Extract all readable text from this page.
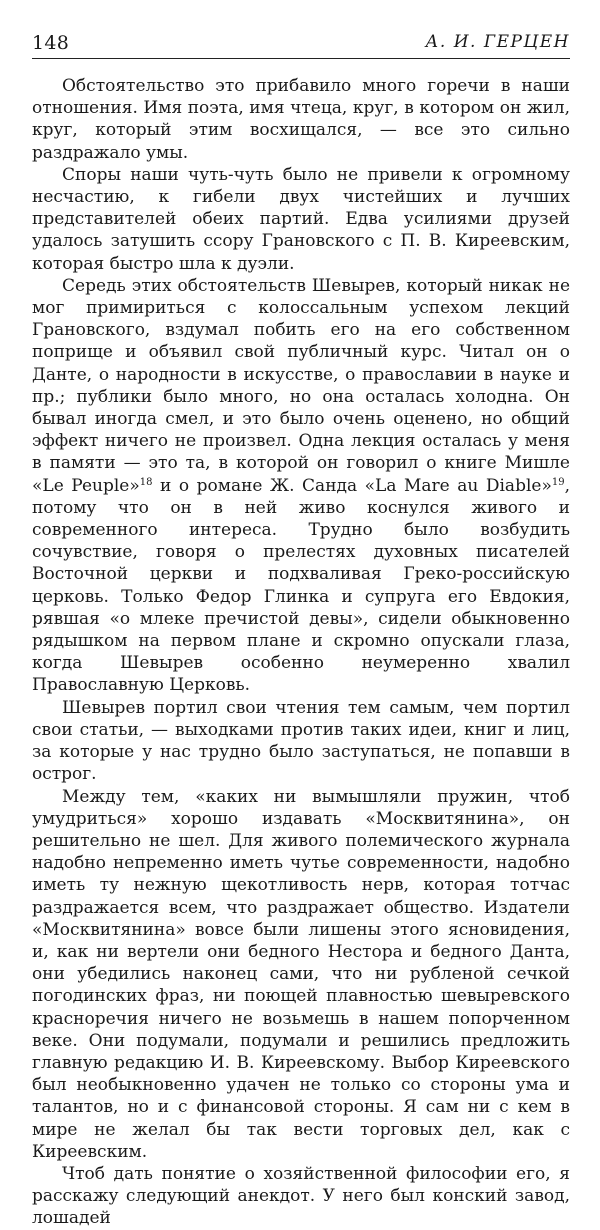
148	А. И. ГЕРЦЕН

Обстоятельство это прибавило много горечи в наши отношения. Имя поэта, имя чтеца, круг, в котором он жил, круг, который этим восхищался, — все это сильно раздражало умы.

Споры наши чуть-чуть было не привели к огромному несчастию, к гибели двух чистейших и лучших представителей обеих партий. Едва усилиями друзей удалось затушить ссору Грановского с П. В. Киреевским, которая быстро шла к дуэли.

Середь этих обстоятельств Шевырев, который никак не мог примириться с колоссальным успехом лекций Грановского, вздумал побить его на его собственном поприще и объявил свой публичный курс. Читал он о Данте, о народности в искусстве, о православии в науке и пр.; публики было много, но она осталась холодна. Он бывал иногда смел, и это было очень оценено, но общий эффект ничего не произвел. Одна лекция осталась у меня в памяти — это та, в которой он говорил о книге Мишле «Le Peuple»$^{18}$ и о романе Ж. Санда «La Mare au Diable»$^{19}$, потому что он в ней живо коснулся живого и современного интереса. Трудно было возбудить сочувствие, говоря о прелестях духовных писателей Восточной церкви и подхваливая Греко-российскую церковь. Только Федор Глинка и супруга его Евдокия, рявшая «о млеке пречистой девы», сидели обыкновенно рядышком на первом плане и скромно опускали глаза, когда Шевырев особенно неумеренно хвалил Православную Церковь.

Шевырев портил свои чтения тем самым, чем портил свои статьи, — выходками против таких идеи, книг и лиц, за которые у нас трудно было заступаться, не попавши в острог.

Между тем, «каких ни вымышляли пружин, чтоб умудриться» хорошо издавать «Москвитянина», он решительно не шел. Для живого полемического журнала надобно непременно иметь чутье современности, надобно иметь ту нежную щекотливость нерв, которая тотчас раздражается всем, что раздражает общество. Издатели «Москвитянина» вовсе были лишены этого ясновидения, и, как ни вертели они бедного Нестора и бедного Данта, они убедились наконец сами, что ни рубленой сечкой погодинских фраз, ни поющей плавностью шевыревского красноречия ничего не возьмешь в нашем попорченном веке. Они подумали, подумали и решились предложить главную редакцию И. В. Киреевскому. Выбор Киреевского был необыкновенно удачен не только со стороны ума и талантов, но и с финансовой стороны. Я сам ни с кем в мире не желал бы так вести торговых дел, как с Киреевским.

Чтоб дать понятие о хозяйственной философии его, я расскажу следующий анекдот. У него был конский завод, лошадей
